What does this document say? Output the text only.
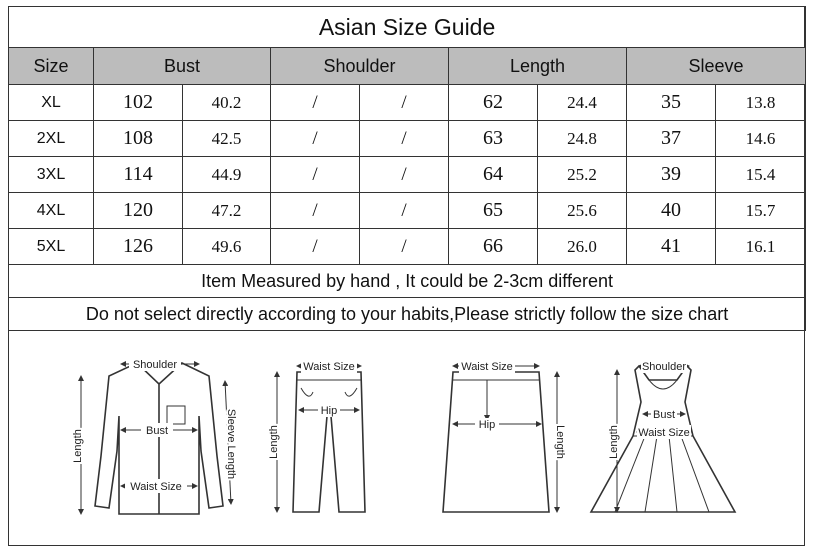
Asian Size Guide								
Size	Bust		Shoulder		Length		Sleeve	
XL	102	40.2	/	/	62	24.4	35	13.8
2XL	108	42.5	/	/	63	24.8	37	14.6
3XL	114	44.9	/	/	64	25.2	39	15.4
4XL	120	47.2	/	/	65	25.6	40	15.7
5XL	126	49.6	/	/	66	26.0	41	16.1
Item Measured by hand , It could be 2-3cm different								
Do not select directly according to your habits,Please strictly follow the size chart								
Shoulder
Bust
Waist Size
Length	Sleeve Length
Waist Size
Hip
Length
Waist Size
Hip
Length
Shoulder
Bust
Waist Size
Length
